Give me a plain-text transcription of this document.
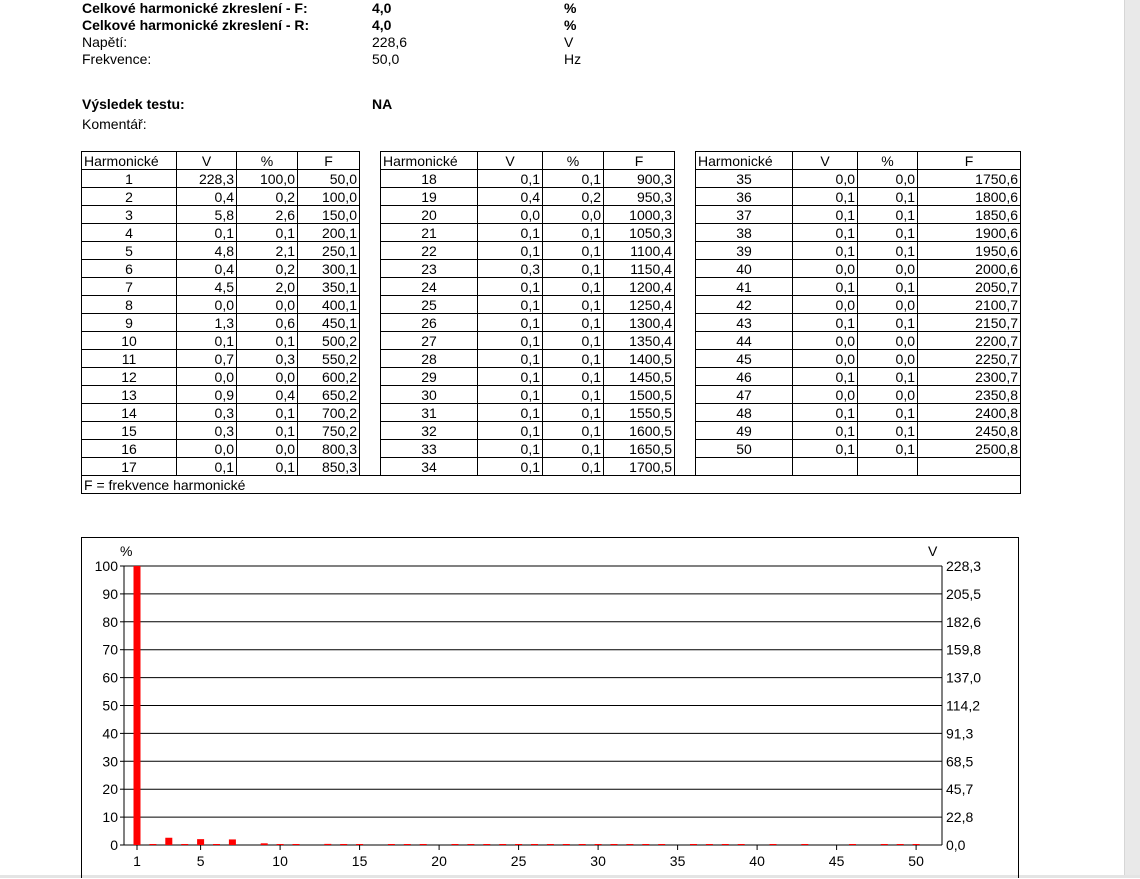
Celkové harmonické zkreslení - F:	4,0	%
Celkové harmonické zkreslení - R:	4,0	%
Napětí:	228,6	V
Frekvence:	50,0	Hz
Výsledek testu:	NA
Komentář:
Harmonické	V	%	F		Harmonické	V	%	F		Harmonické	V	%	F
1	228,3	100,0	50,0		18	0,1	0,1	900,3		35	0,0	0,0	1750,6
2	0,4	0,2	100,0		19	0,4	0,2	950,3		36	0,1	0,1	1800,6
3	5,8	2,6	150,0		20	0,0	0,0	1000,3		37	0,1	0,1	1850,6
4	0,1	0,1	200,1		21	0,1	0,1	1050,3		38	0,1	0,1	1900,6
5	4,8	2,1	250,1		22	0,1	0,1	1100,4		39	0,1	0,1	1950,6
6	0,4	0,2	300,1		23	0,3	0,1	1150,4		40	0,0	0,0	2000,6
7	4,5	2,0	350,1		24	0,1	0,1	1200,4		41	0,1	0,1	2050,7
8	0,0	0,0	400,1		25	0,1	0,1	1250,4		42	0,0	0,0	2100,7
9	1,3	0,6	450,1		26	0,1	0,1	1300,4		43	0,1	0,1	2150,7
10	0,1	0,1	500,2		27	0,1	0,1	1350,4		44	0,0	0,0	2200,7
11	0,7	0,3	550,2		28	0,1	0,1	1400,5		45	0,0	0,0	2250,7
12	0,0	0,0	600,2		29	0,1	0,1	1450,5		46	0,1	0,1	2300,7
13	0,9	0,4	650,2		30	0,1	0,1	1500,5		47	0,0	0,0	2350,8
14	0,3	0,1	700,2		31	0,1	0,1	1550,5		48	0,1	0,1	2400,8
15	0,3	0,1	750,2		32	0,1	0,1	1600,5		49	0,1	0,1	2450,8
16	0,0	0,0	800,3		33	0,1	0,1	1650,5		50	0,1	0,1	2500,8
17	0,1	0,1	850,3		34	0,1	0,1	1700,5					
F = frekvence harmonické													
0	0,0
10	22,8
20	45,7
30	68,5
40	91,3
50	114,2
60	137,0
70	159,8
80	182,6
90	205,5
100	228,3
%	V
1	5	10	15	20	25	30	35	40	45	50
